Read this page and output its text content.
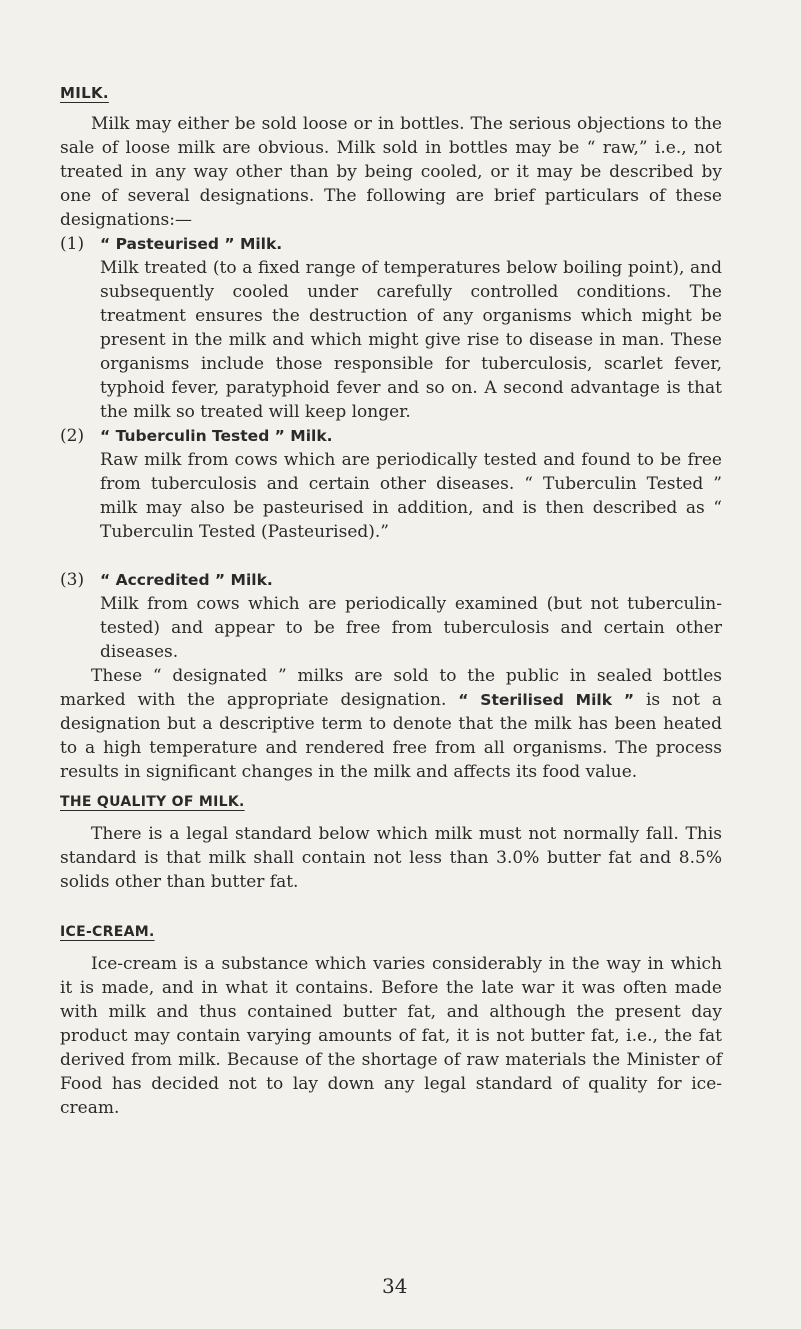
MILK.

Milk may either be sold loose or in bottles. The serious objections to the sale of loose milk are obvious. Milk sold in bottles may be “ raw,” i.e., not treated in any way other than by being cooled, or it may be described by one of several designations. The following are brief particulars of these designations:—

(1) “ Pasteurised ” Milk.

Milk treated (to a fixed range of temperatures below boiling point), and subsequently cooled under carefully controlled conditions. The treatment ensures the destruction of any organisms which might be present in the milk and which might give rise to disease in man. These organisms include those responsible for tuberculosis, scarlet fever, typhoid fever, paratyphoid fever and so on. A second advantage is that the milk so treated will keep longer.

(2) “ Tuberculin Tested ” Milk.

Raw milk from cows which are periodically tested and found to be free from tuberculosis and certain other diseases. “ Tuberculin Tested ” milk may also be pasteurised in addition, and is then described as “ Tuberculin Tested (Pasteurised).”

(3) “ Accredited ” Milk.

Milk from cows which are periodically examined (but not tuberculin-tested) and appear to be free from tuberculosis and certain other diseases.

These “ designated ” milks are sold to the public in sealed bottles marked with the appropriate designation. “ Sterilised Milk ” is not a designation but a descriptive term to denote that the milk has been heated to a high temperature and rendered free from all organisms. The process results in significant changes in the milk and affects its food value.

THE QUALITY OF MILK.

There is a legal standard below which milk must not normally fall. This standard is that milk shall contain not less than 3.0% butter fat and 8.5% solids other than butter fat.

ICE-CREAM.

Ice-cream is a substance which varies considerably in the way in which it is made, and in what it contains. Before the late war it was often made with milk and thus contained butter fat, and although the present day product may contain varying amounts of fat, it is not butter fat, i.e., the fat derived from milk. Because of the shortage of raw materials the Minister of Food has decided not to lay down any legal standard of quality for ice-cream.

34
